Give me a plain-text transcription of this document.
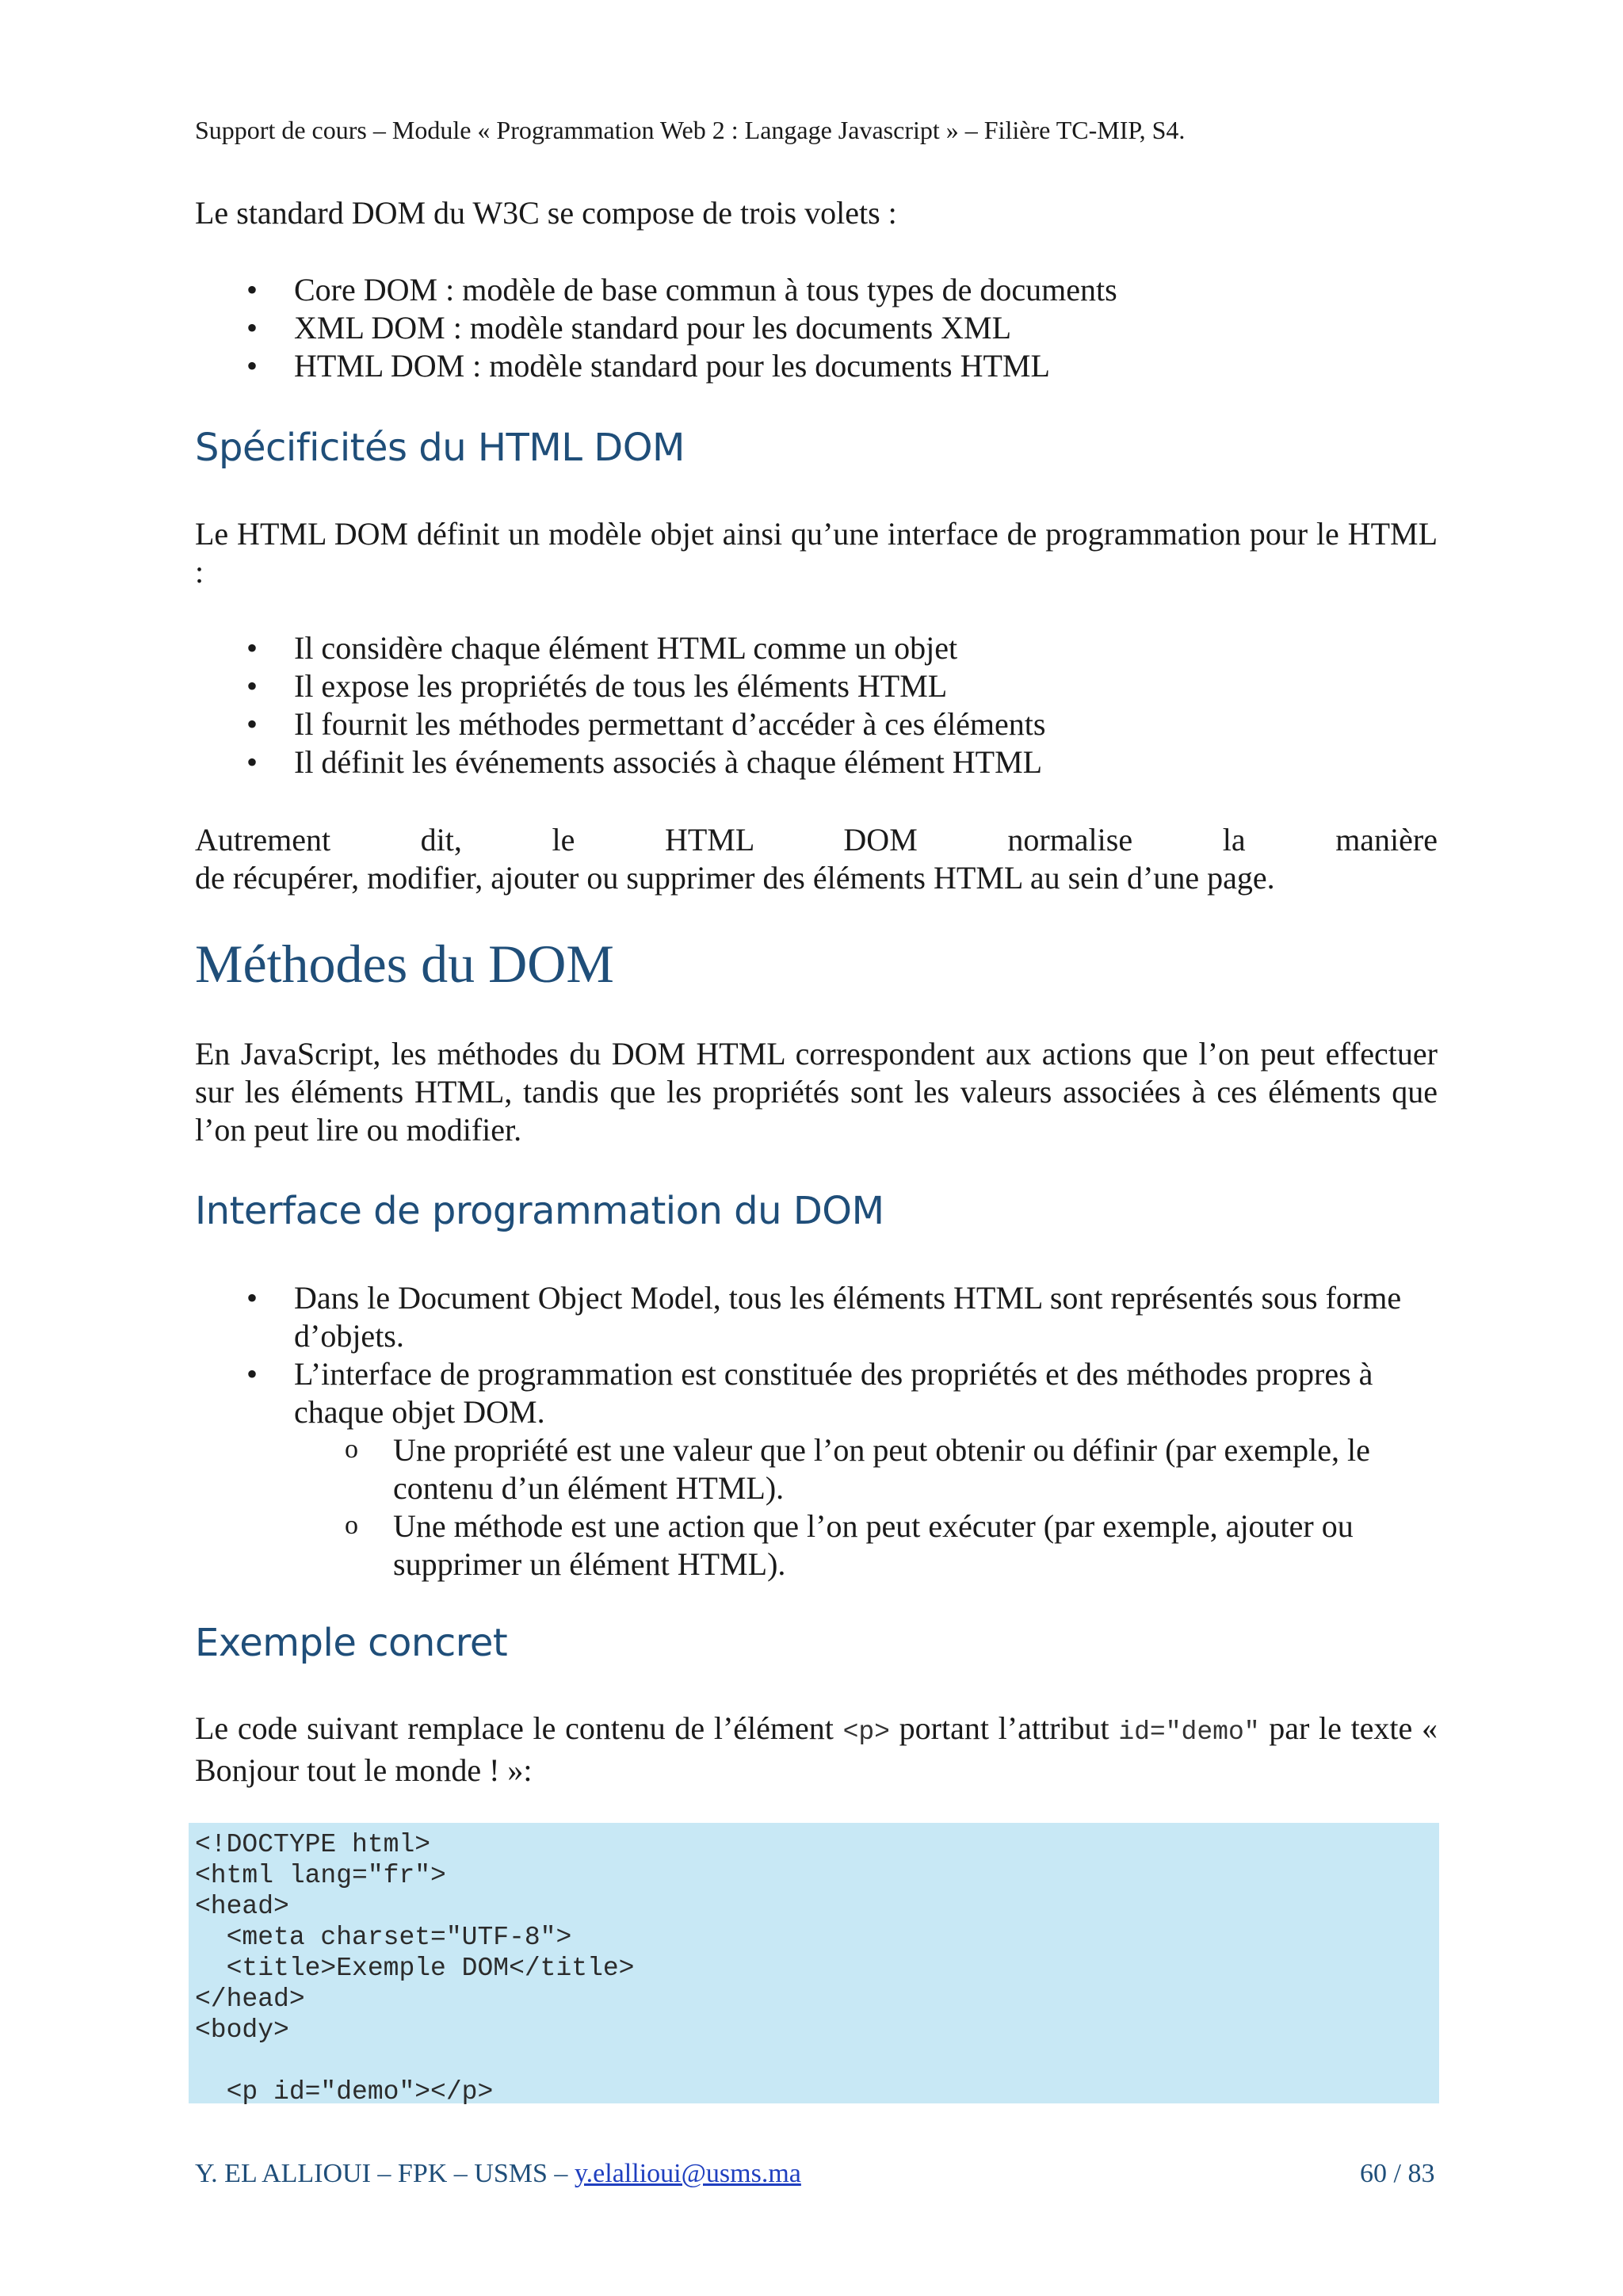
Support de cours – Module « Programmation Web 2 : Langage Javascript » – Filière TC-MIP, S4.

Le standard DOM du W3C se compose de trois volets :

• Core DOM : modèle de base commun à tous types de documents
• XML DOM : modèle standard pour les documents XML
• HTML DOM : modèle standard pour les documents HTML
Spécificités du HTML DOM

Le HTML DOM définit un modèle objet ainsi qu’une interface de programmation pour le HTML :

• Il considère chaque élément HTML comme un objet
• Il expose les propriétés de tous les éléments HTML
• Il fournit les méthodes permettant d’accéder à ces éléments
• Il définit les événements associés à chaque élément HTML

Autrement dit, le HTML DOM normalise la manière

de récupérer, modifier, ajouter ou supprimer des éléments HTML au sein d’une page.

Méthodes du DOM

En JavaScript, les méthodes du DOM HTML correspondent aux actions que l’on peut effectuer sur les éléments HTML, tandis que les propriétés sont les valeurs associées à ces éléments que l’on peut lire ou modifier.

Interface de programmation du DOM
• Dans le Document Object Model, tous les éléments HTML sont représentés sous forme d’objets.
• L’interface de programmation est constituée des propriétés et des méthodes propres à chaque objet DOM.
o Une propriété est une valeur que l’on peut obtenir ou définir (par exemple, le contenu d’un élément HTML).
o Une méthode est une action que l’on peut exécuter (par exemple, ajouter ou supprimer un élément HTML).
Exemple concret

Le code suivant remplace le contenu de l’élément <p> portant l’attribut id="demo" par le texte « Bonjour tout le monde ! »:

<!DOCTYPE html>
<html lang="fr">
<head>
<meta charset="UTF-8">
<title>Exemple DOM</title>
</head>
<body>

<p id="demo"></p>
Y. EL ALLIOUI – FPK – USMS – y.elallioui@usms.ma	60 / 83
